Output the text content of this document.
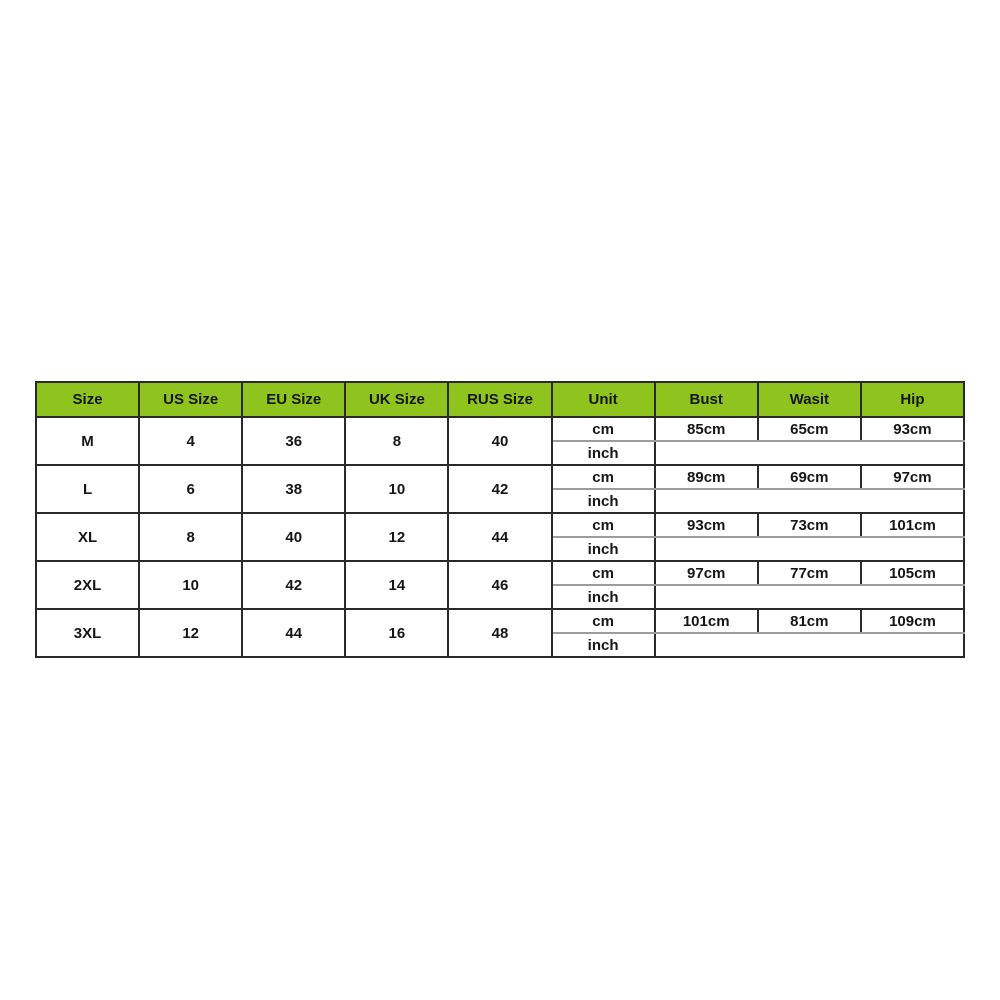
Size	US Size	EU Size	UK Size	RUS Size	Unit	Bust	Wasit	Hip
M	4	36	8	40	cm	85cm	65cm	93cm
					inch			
L	6	38	10	42	cm	89cm	69cm	97cm
					inch			
XL	8	40	12	44	cm	93cm	73cm	101cm
					inch			
2XL	10	42	14	46	cm	97cm	77cm	105cm
					inch			
3XL	12	44	16	48	cm	101cm	81cm	109cm
					inch			
